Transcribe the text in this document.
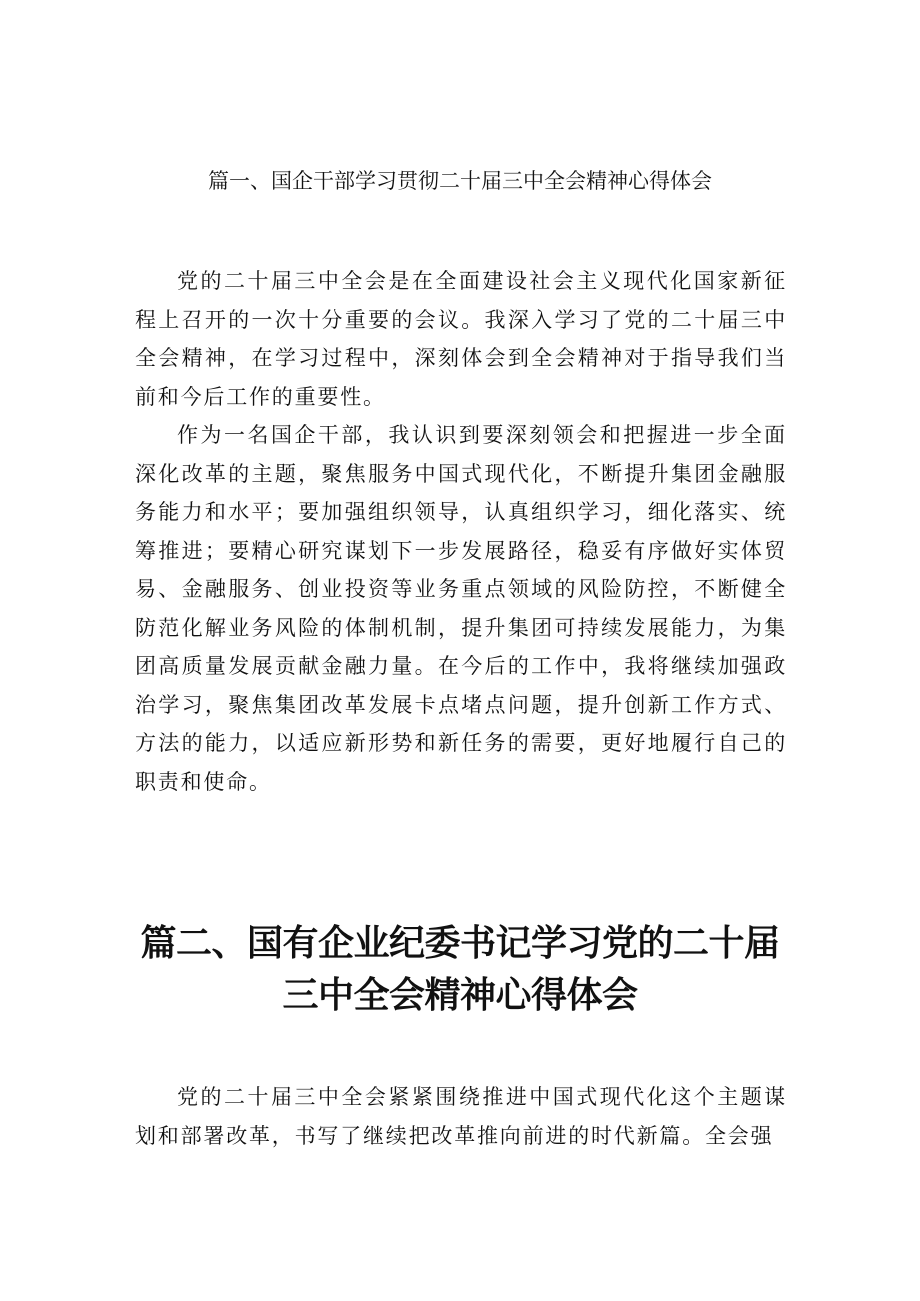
篇一、国企干部学习贯彻二十届三中全会精神心得体会

党的二十届三中全会是在全面建设社会主义现代化国家新征程上召开的一次十分重要的会议。我深入学习了党的二十届三中全会精神，在学习过程中，深刻体会到全会精神对于指导我们当前和今后工作的重要性。

作为一名国企干部，我认识到要深刻领会和把握进一步全面深化改革的主题，聚焦服务中国式现代化，不断提升集团金融服务能力和水平；要加强组织领导，认真组织学习，细化落实、统筹推进；要精心研究谋划下一步发展路径，稳妥有序做好实体贸易、金融服务、创业投资等业务重点领域的风险防控，不断健全防范化解业务风险的体制机制，提升集团可持续发展能力，为集团高质量发展贡献金融力量。在今后的工作中，我将继续加强政治学习，聚焦集团改革发展卡点堵点问题，提升创新工作方式、方法的能力，以适应新形势和新任务的需要，更好地履行自己的职责和使命。

篇二、国有企业纪委书记学习党的二十届三中全会精神心得体会

党的二十届三中全会紧紧围绕推进中国式现代化这个主题谋划和部署改革，书写了继续把改革推向前进的时代新篇。全会强
